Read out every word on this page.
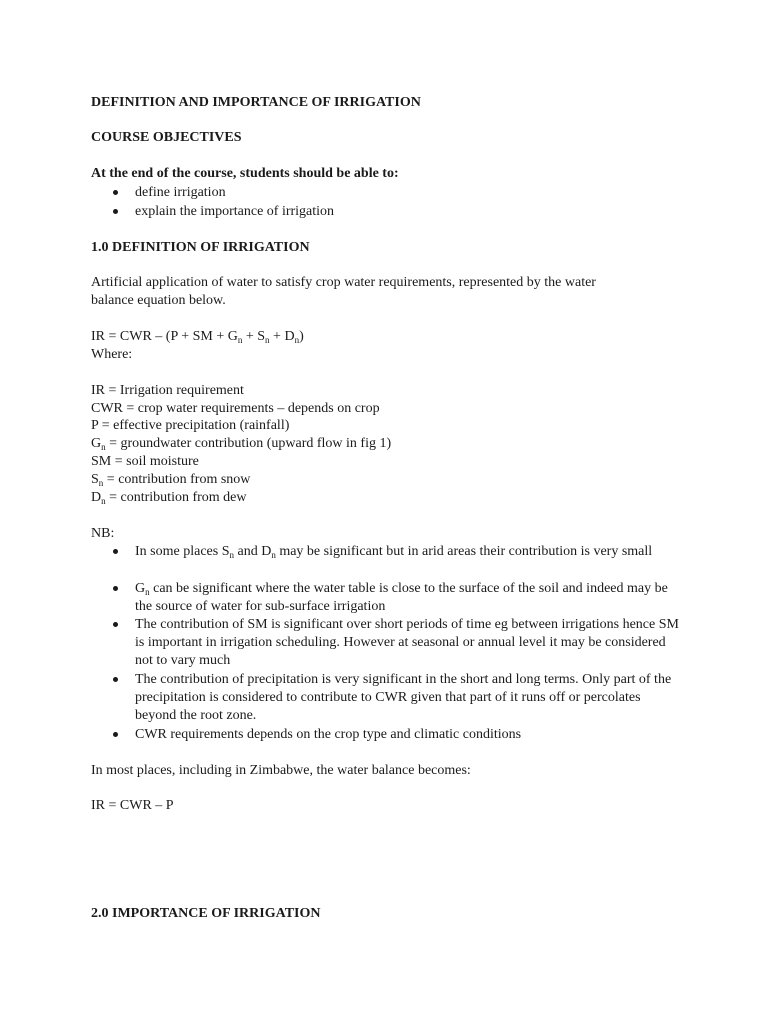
DEFINITION AND IMPORTANCE OF IRRIGATION
COURSE OBJECTIVES
At the end of the course, students should be able to:
define irrigation
explain the importance of irrigation
1.0 DEFINITION OF IRRIGATION
Artificial application of water to satisfy crop water requirements, represented by the water
balance equation below.
IR = CWR – (P + SM + $G_n + S_n + D_n$)
Where:
IR = Irrigation requirement
CWR = crop water requirements – depends on crop
P = effective precipitation (rainfall)
$G_n$ = groundwater contribution (upward flow in fig 1)
SM = soil moisture
$S_n$ = contribution from snow
$D_n$ = contribution from dew
NB:
In some places $S_n$ and $D_n$ may be significant but in arid areas their contribution is very small
$G_n$ can be significant where the water table is close to the surface of the soil and indeed may be the source of water for sub-surface irrigation
The contribution of SM is significant over short periods of time eg between irrigations hence SM is important in irrigation scheduling. However at seasonal or annual level it may be considered not to vary much
The contribution of precipitation is very significant in the short and long terms. Only part of the precipitation is considered to contribute to CWR given that part of it runs off or percolates beyond the root zone.
CWR requirements depends on the crop type and climatic conditions
In most places, including in Zimbabwe, the water balance becomes:
IR = CWR – P
2.0 IMPORTANCE OF IRRIGATION
